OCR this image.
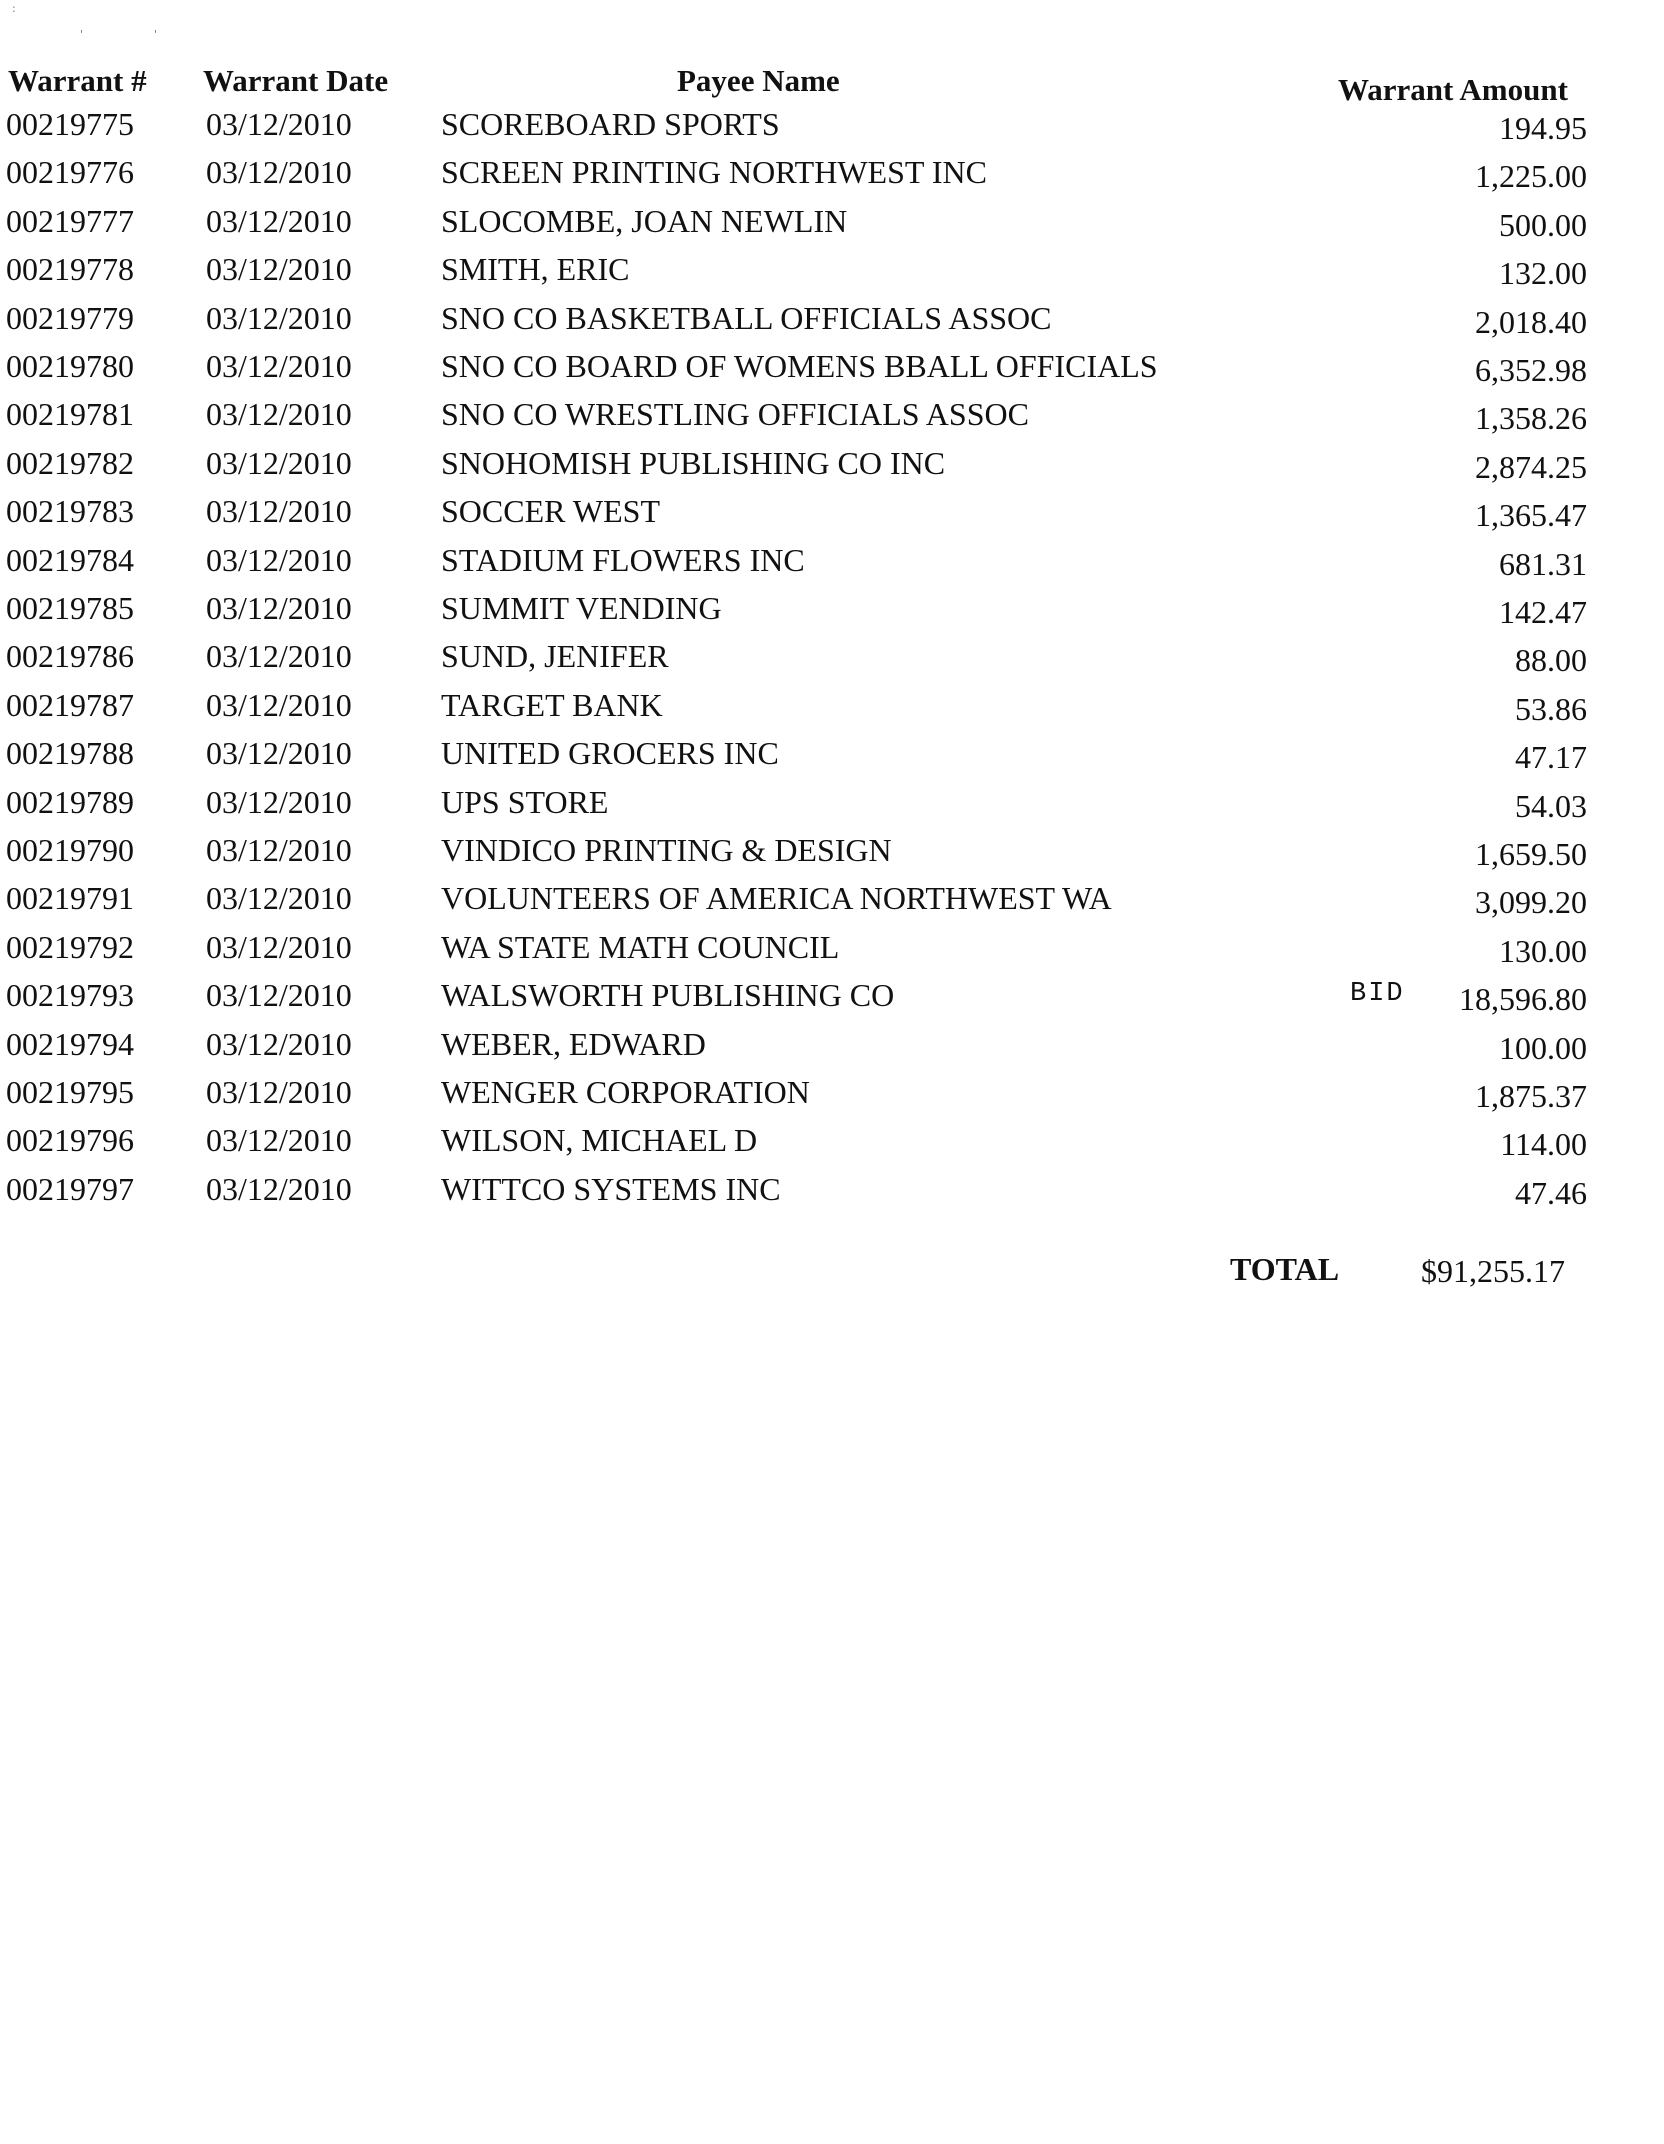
:
'	'
Warrant # Warrant Date	Payee Name	Warrant Amount
00219775 03/12/2010	SCOREBOARD SPORTS	194.95
00219776 03/12/2010	SCREEN PRINTING NORTHWEST INC	1,225.00
00219777 03/12/2010	SLOCOMBE, JOAN NEWLIN	500.00
00219778 03/12/2010	SMITH, ERIC	132.00
00219779 03/12/2010	SNO CO BASKETBALL OFFICIALS ASSOC	2,018.40
00219780 03/12/2010	SNO CO BOARD OF WOMENS BBALL OFFICIALS	6,352.98
00219781 03/12/2010	SNO CO WRESTLING OFFICIALS ASSOC	1,358.26
00219782 03/12/2010	SNOHOMISH PUBLISHING CO INC	2,874.25
00219783 03/12/2010	SOCCER WEST	1,365.47
00219784 03/12/2010	STADIUM FLOWERS INC	681.31
00219785 03/12/2010	SUMMIT VENDING	142.47
00219786 03/12/2010	SUND, JENIFER	88.00
00219787 03/12/2010	TARGET BANK	53.86
00219788 03/12/2010	UNITED GROCERS INC	47.17
00219789 03/12/2010	UPS STORE	54.03
00219790 03/12/2010	VINDICO PRINTING & DESIGN	1,659.50
00219791 03/12/2010	VOLUNTEERS OF AMERICA NORTHWEST WA	3,099.20
00219792 03/12/2010	WA STATE MATH COUNCIL	130.00
00219793 03/12/2010	WALSWORTH PUBLISHING CO	BID 18,596.80
00219794 03/12/2010	WEBER, EDWARD	100.00
00219795 03/12/2010	WENGER CORPORATION	1,875.37
00219796 03/12/2010	WILSON, MICHAEL D	114.00
00219797 03/12/2010	WITTCO SYSTEMS INC	47.46
TOTAL	$91,255.17
